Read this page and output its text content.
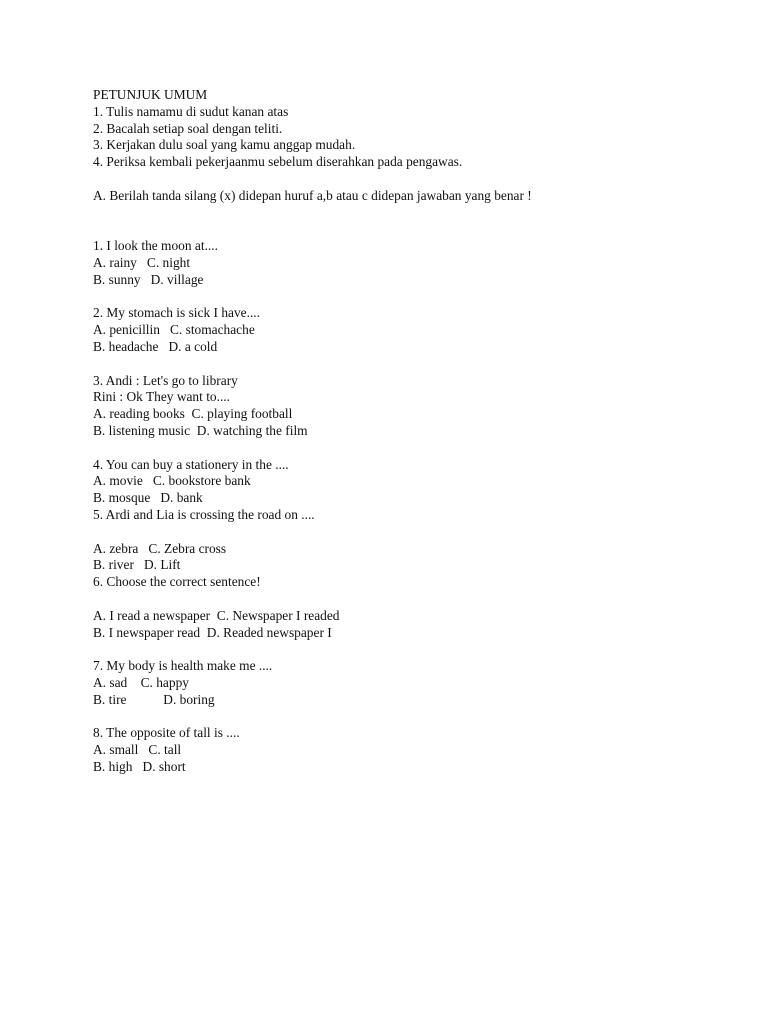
PETUNJUK UMUM
1. Tulis namamu di sudut kanan atas
2. Bacalah setiap soal dengan teliti.
3. Kerjakan dulu soal yang kamu anggap mudah.
4. Periksa kembali pekerjaanmu sebelum diserahkan pada pengawas.
A. Berilah tanda silang (x) didepan huruf a,b atau c didepan jawaban yang benar !
1. I look the moon at....
A. rainy   C. night
B. sunny   D. village
2. My stomach is sick I have....
A. penicillin   C. stomachache
B. headache   D. a cold
3. Andi : Let's go to library
Rini : Ok They want to....
A. reading books  C. playing football
B. listening music  D. watching the film
4. You can buy a stationery in the ....
A. movie   C. bookstore bank
B. mosque   D. bank
5. Ardi and Lia is crossing the road on ....
A. zebra   C. Zebra cross
B. river   D. Lift
6. Choose the correct sentence!
A. I read a newspaper  C. Newspaper I readed
B. I newspaper read  D. Readed newspaper I
7. My body is health make me ....
A. sad    C. happy
B. tire           D. boring
8. The opposite of tall is ....
A. small   C. tall
B. high   D. short
